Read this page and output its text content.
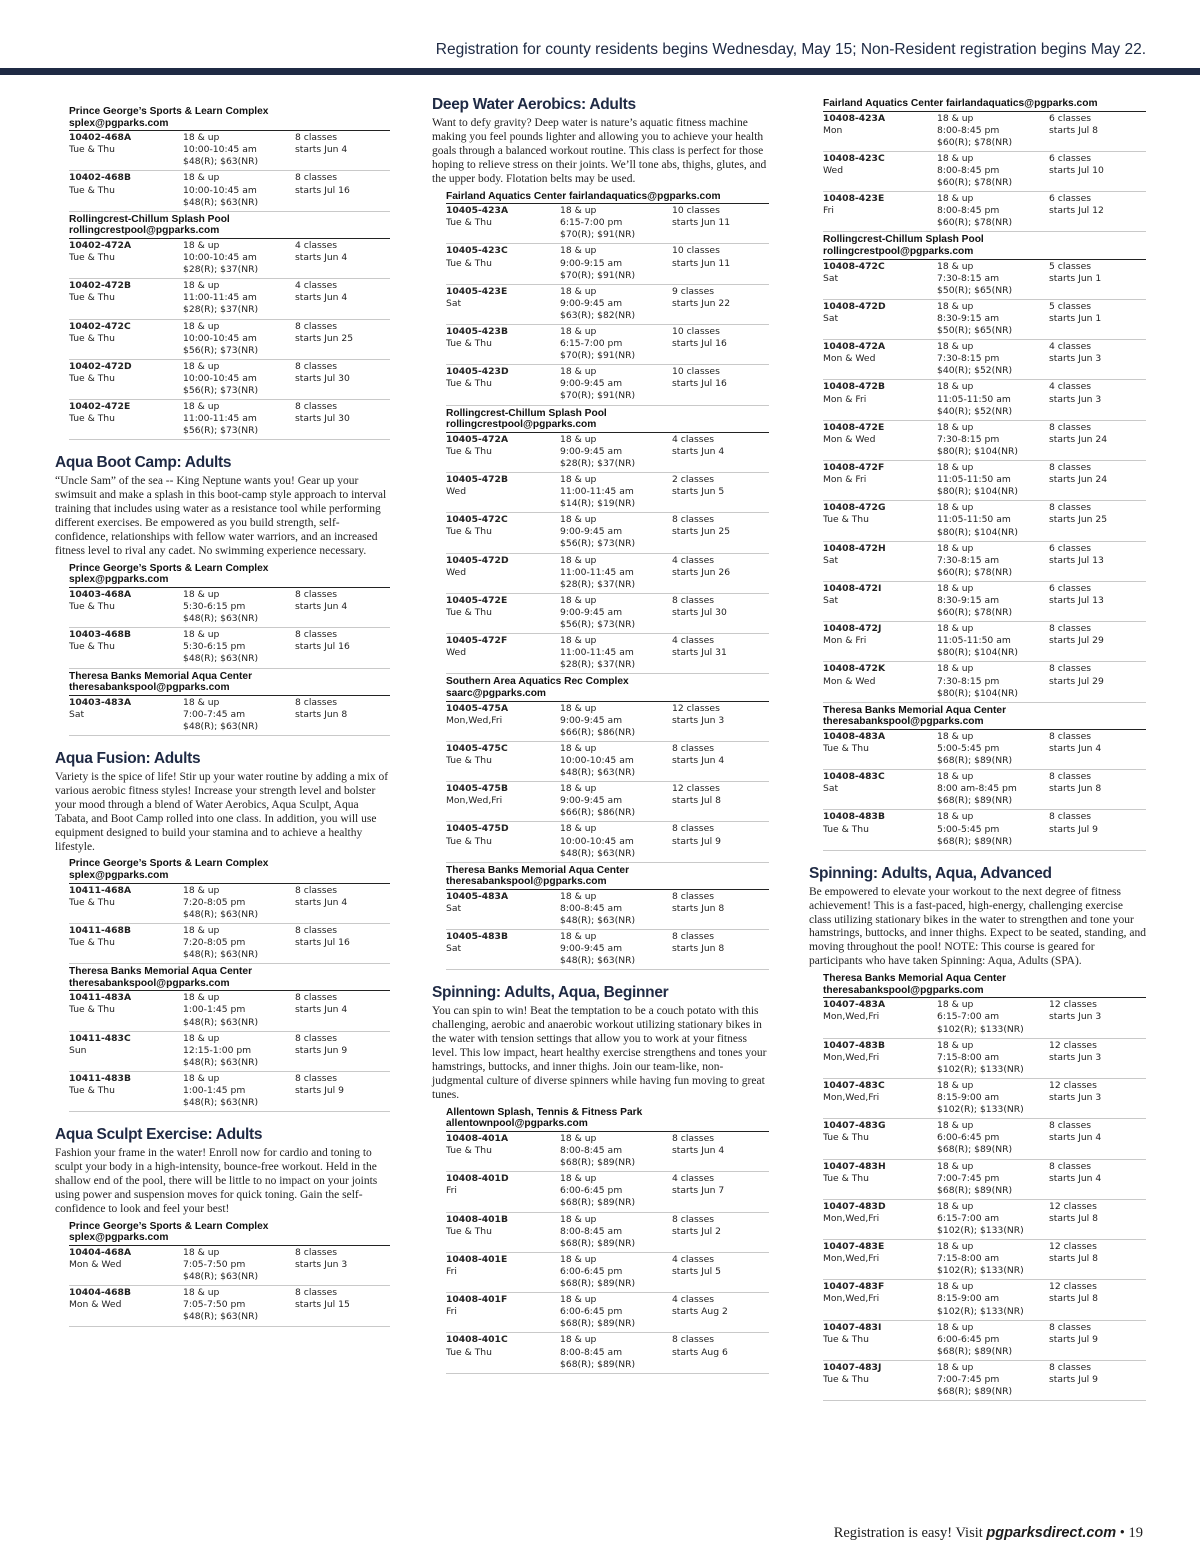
Registration for county residents begins Wednesday, May 15; Non-Resident registration begins May 22.
Prince George’s Sports & Learn Complex
splex@pgparks.com
10402-468A
Tue & Thu
18 & up
10:00-10:45 am
$48(R); $63(NR)
8 classes
starts Jun 4
10402-468B
Tue & Thu
18 & up
10:00-10:45 am
$48(R); $63(NR)
8 classes
starts Jul 16
Rollingcrest-Chillum Splash Pool
rollingcrestpool@pgparks.com
10402-472A
Tue & Thu
18 & up
10:00-10:45 am
$28(R); $37(NR)
4 classes
starts Jun 4
10402-472B
Tue & Thu
18 & up
11:00-11:45 am
$28(R); $37(NR)
4 classes
starts Jun 4
10402-472C
Tue & Thu
18 & up
10:00-10:45 am
$56(R); $73(NR)
8 classes
starts Jun 25
10402-472D
Tue & Thu
18 & up
10:00-10:45 am
$56(R); $73(NR)
8 classes
starts Jul 30
10402-472E
Tue & Thu
18 & up
11:00-11:45 am
$56(R); $73(NR)
8 classes
starts Jul 30
Aqua Boot Camp: Adults
“Uncle Sam” of the sea -- King Neptune wants you! Gear up your swimsuit and make a splash in this boot-camp style approach to interval training that includes using water as a resistance tool while performing different exercises. Be empowered as you build strength, self-confidence, relationships with fellow water warriors, and an increased fitness level to rival any cadet. No swimming experience necessary.
Prince George’s Sports & Learn Complex
splex@pgparks.com
10403-468A
Tue & Thu
18 & up
5:30-6:15 pm
$48(R); $63(NR)
8 classes
starts Jun 4
10403-468B
Tue & Thu
18 & up
5:30-6:15 pm
$48(R); $63(NR)
8 classes
starts Jul 16
Theresa Banks Memorial Aqua Center
theresabankspool@pgparks.com
10403-483A
Sat
18 & up
7:00-7:45 am
$48(R); $63(NR)
8 classes
starts Jun 8
Aqua Fusion: Adults
Variety is the spice of life! Stir up your water routine by adding a mix of various aerobic fitness styles! Increase your strength level and bolster your mood through a blend of Water Aerobics, Aqua Sculpt, Aqua Tabata, and Boot Camp rolled into one class. In addition, you will use equipment designed to build your stamina and to achieve a healthy lifestyle.
Prince George’s Sports & Learn Complex
splex@pgparks.com
10411-468A
Tue & Thu
18 & up
7:20-8:05 pm
$48(R); $63(NR)
8 classes
starts Jun 4
10411-468B
Tue & Thu
18 & up
7:20-8:05 pm
$48(R); $63(NR)
8 classes
starts Jul 16
Theresa Banks Memorial Aqua Center
theresabankspool@pgparks.com
10411-483A
Tue & Thu
18 & up
1:00-1:45 pm
$48(R); $63(NR)
8 classes
starts Jun 4
10411-483C
Sun
18 & up
12:15-1:00 pm
$48(R); $63(NR)
8 classes
starts Jun 9
10411-483B
Tue & Thu
18 & up
1:00-1:45 pm
$48(R); $63(NR)
8 classes
starts Jul 9
Aqua Sculpt Exercise: Adults
Fashion your frame in the water! Enroll now for cardio and toning to sculpt your body in a high-intensity, bounce-free workout. Held in the shallow end of the pool, there will be little to no impact on your joints using power and suspension moves for quick toning. Gain the self-confidence to look and feel your best!
Prince George’s Sports & Learn Complex
splex@pgparks.com
10404-468A
Mon & Wed
18 & up
7:05-7:50 pm
$48(R); $63(NR)
8 classes
starts Jun 3
10404-468B
Mon & Wed
18 & up
7:05-7:50 pm
$48(R); $63(NR)
8 classes
starts Jul 15
Deep Water Aerobics: Adults
Want to defy gravity? Deep water is nature’s aquatic fitness machine making you feel pounds lighter and allowing you to achieve your health goals through a balanced workout routine. This class is perfect for those hoping to relieve stress on their joints. We’ll tone abs, thighs, glutes, and the upper body. Flotation belts may be used.
Fairland Aquatics Center fairlandaquatics@pgparks.com
10405-423A
Tue & Thu
18 & up
6:15-7:00 pm
$70(R); $91(NR)
10 classes
starts Jun 11
10405-423C
Tue & Thu
18 & up
9:00-9:15 am
$70(R); $91(NR)
10 classes
starts Jun 11
10405-423E
Sat
18 & up
9:00-9:45 am
$63(R); $82(NR)
9 classes
starts Jun 22
10405-423B
Tue & Thu
18 & up
6:15-7:00 pm
$70(R); $91(NR)
10 classes
starts Jul 16
10405-423D
Tue & Thu
18 & up
9:00-9:45 am
$70(R); $91(NR)
10 classes
starts Jul 16
Rollingcrest-Chillum Splash Pool
rollingcrestpool@pgparks.com
10405-472A
Tue & Thu
18 & up
9:00-9:45 am
$28(R); $37(NR)
4 classes
starts Jun 4
10405-472B
Wed
18 & up
11:00-11:45 am
$14(R); $19(NR)
2 classes
starts Jun 5
10405-472C
Tue & Thu
18 & up
9:00-9:45 am
$56(R); $73(NR)
8 classes
starts Jun 25
10405-472D
Wed
18 & up
11:00-11:45 am
$28(R); $37(NR)
4 classes
starts Jun 26
10405-472E
Tue & Thu
18 & up
9:00-9:45 am
$56(R); $73(NR)
8 classes
starts Jul 30
10405-472F
Wed
18 & up
11:00-11:45 am
$28(R); $37(NR)
4 classes
starts Jul 31
Southern Area Aquatics Rec Complex
saarc@pgparks.com
10405-475A
Mon,Wed,Fri
18 & up
9:00-9:45 am
$66(R); $86(NR)
12 classes
starts Jun 3
10405-475C
Tue & Thu
18 & up
10:00-10:45 am
$48(R); $63(NR)
8 classes
starts Jun 4
10405-475B
Mon,Wed,Fri
18 & up
9:00-9:45 am
$66(R); $86(NR)
12 classes
starts Jul 8
10405-475D
Tue & Thu
18 & up
10:00-10:45 am
$48(R); $63(NR)
8 classes
starts Jul 9
Theresa Banks Memorial Aqua Center
theresabankspool@pgparks.com
10405-483A
Sat
18 & up
8:00-8:45 am
$48(R); $63(NR)
8 classes
starts Jun 8
10405-483B
Sat
18 & up
9:00-9:45 am
$48(R); $63(NR)
8 classes
starts Jun 8
Spinning: Adults, Aqua, Beginner
You can spin to win! Beat the temptation to be a couch potato with this challenging, aerobic and anaerobic workout utilizing stationary bikes in the water with tension settings that allow you to work at your fitness level. This low impact, heart healthy exercise strengthens and tones your hamstrings, buttocks, and inner thighs. Join our team-like, non-judgmental culture of diverse spinners while having fun moving to great tunes.
Allentown Splash, Tennis & Fitness Park
allentownpool@pgparks.com
10408-401A
Tue & Thu
18 & up
8:00-8:45 am
$68(R); $89(NR)
8 classes
starts Jun 4
10408-401D
Fri
18 & up
6:00-6:45 pm
$68(R); $89(NR)
4 classes
starts Jun 7
10408-401B
Tue & Thu
18 & up
8:00-8:45 am
$68(R); $89(NR)
8 classes
starts Jul 2
10408-401E
Fri
18 & up
6:00-6:45 pm
$68(R); $89(NR)
4 classes
starts Jul 5
10408-401F
Fri
18 & up
6:00-6:45 pm
$68(R); $89(NR)
4 classes
starts Aug 2
10408-401C
Tue & Thu
18 & up
8:00-8:45 am
$68(R); $89(NR)
8 classes
starts Aug 6
Fairland Aquatics Center fairlandaquatics@pgparks.com
10408-423A
Mon
18 & up
8:00-8:45 pm
$60(R); $78(NR)
6 classes
starts Jul 8
10408-423C
Wed
18 & up
8:00-8:45 pm
$60(R); $78(NR)
6 classes
starts Jul 10
10408-423E
Fri
18 & up
8:00-8:45 pm
$60(R); $78(NR)
6 classes
starts Jul 12
Rollingcrest-Chillum Splash Pool
rollingcrestpool@pgparks.com
10408-472C
Sat
18 & up
7:30-8:15 am
$50(R); $65(NR)
5 classes
starts Jun 1
10408-472D
Sat
18 & up
8:30-9:15 am
$50(R); $65(NR)
5 classes
starts Jun 1
10408-472A
Mon & Wed
18 & up
7:30-8:15 pm
$40(R); $52(NR)
4 classes
starts Jun 3
10408-472B
Mon & Fri
18 & up
11:05-11:50 am
$40(R); $52(NR)
4 classes
starts Jun 3
10408-472E
Mon & Wed
18 & up
7:30-8:15 pm
$80(R); $104(NR)
8 classes
starts Jun 24
10408-472F
Mon & Fri
18 & up
11:05-11:50 am
$80(R); $104(NR)
8 classes
starts Jun 24
10408-472G
Tue & Thu
18 & up
11:05-11:50 am
$80(R); $104(NR)
8 classes
starts Jun 25
10408-472H
Sat
18 & up
7:30-8:15 am
$60(R); $78(NR)
6 classes
starts Jul 13
10408-472I
Sat
18 & up
8:30-9:15 am
$60(R); $78(NR)
6 classes
starts Jul 13
10408-472J
Mon & Fri
18 & up
11:05-11:50 am
$80(R); $104(NR)
8 classes
starts Jul 29
10408-472K
Mon & Wed
18 & up
7:30-8:15 pm
$80(R); $104(NR)
8 classes
starts Jul 29
Theresa Banks Memorial Aqua Center
theresabankspool@pgparks.com
10408-483A
Tue & Thu
18 & up
5:00-5:45 pm
$68(R); $89(NR)
8 classes
starts Jun 4
10408-483C
Sat
18 & up
8:00 am-8:45 pm
$68(R); $89(NR)
8 classes
starts Jun 8
10408-483B
Tue & Thu
18 & up
5:00-5:45 pm
$68(R); $89(NR)
8 classes
starts Jul 9
Spinning: Adults, Aqua, Advanced
Be empowered to elevate your workout to the next degree of fitness achievement! This is a fast-paced, high-energy, challenging exercise class utilizing stationary bikes in the water to strengthen and tone your hamstrings, buttocks, and inner thighs. Expect to be seated, standing, and moving throughout the pool! NOTE: This course is geared for participants who have taken Spinning: Aqua, Adults (SPA).
Theresa Banks Memorial Aqua Center
theresabankspool@pgparks.com
10407-483A
Mon,Wed,Fri
18 & up
6:15-7:00 am
$102(R); $133(NR)
12 classes
starts Jun 3
10407-483B
Mon,Wed,Fri
18 & up
7:15-8:00 am
$102(R); $133(NR)
12 classes
starts Jun 3
10407-483C
Mon,Wed,Fri
18 & up
8:15-9:00 am
$102(R); $133(NR)
12 classes
starts Jun 3
10407-483G
Tue & Thu
18 & up
6:00-6:45 pm
$68(R); $89(NR)
8 classes
starts Jun 4
10407-483H
Tue & Thu
18 & up
7:00-7:45 pm
$68(R); $89(NR)
8 classes
starts Jun 4
10407-483D
Mon,Wed,Fri
18 & up
6:15-7:00 am
$102(R); $133(NR)
12 classes
starts Jul 8
10407-483E
Mon,Wed,Fri
18 & up
7:15-8:00 am
$102(R); $133(NR)
12 classes
starts Jul 8
10407-483F
Mon,Wed,Fri
18 & up
8:15-9:00 am
$102(R); $133(NR)
12 classes
starts Jul 8
10407-483I
Tue & Thu
18 & up
6:00-6:45 pm
$68(R); $89(NR)
8 classes
starts Jul 9
10407-483J
Tue & Thu
18 & up
7:00-7:45 pm
$68(R); $89(NR)
8 classes
starts Jul 9
Registration is easy! Visit pgparksdirect.com • 19
